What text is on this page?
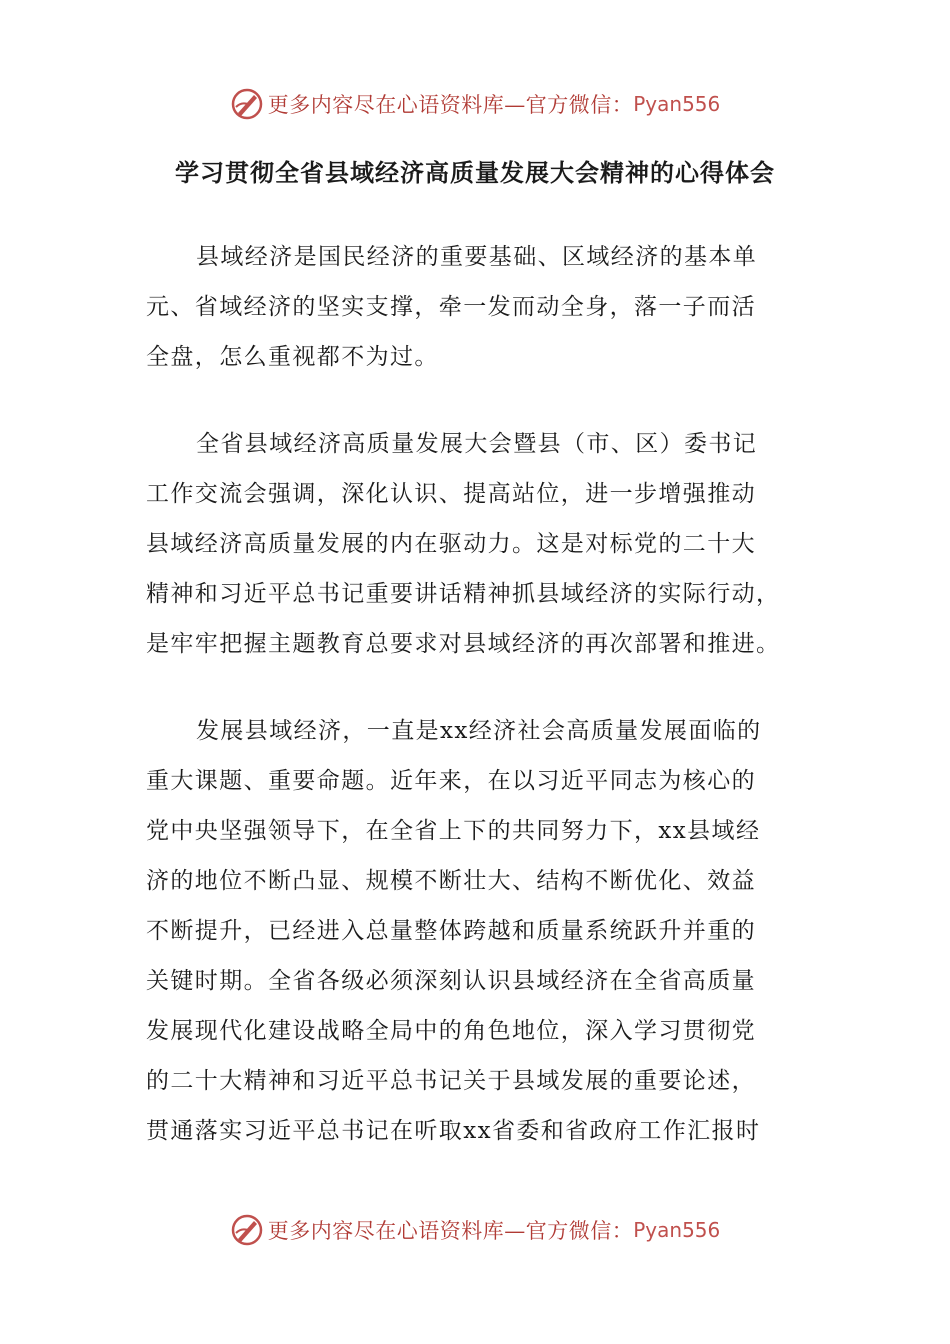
更多内容尽在心语资料库—官方微信： Pyan556
学习贯彻全省县域经济高质量发展大会精神的心得体会
县域经济是国民经济的重要基础、区域经济的基本单
元、省域经济的坚实支撑，牵一发而动全身，落一子而活
全盘，怎么重视都不为过。
全省县域经济高质量发展大会暨县（市、区）委书记
工作交流会强调，深化认识、提高站位，进一步增强推动
县域经济高质量发展的内在驱动力。这是对标党的二十大
精神和习近平总书记重要讲话精神抓县域经济的实际行动，
是牢牢把握主题教育总要求对县域经济的再次部署和推进。
发展县域经济，一直是xx经济社会高质量发展面临的
重大课题、重要命题。近年来，在以习近平同志为核心的
党中央坚强领导下，在全省上下的共同努力下，xx县域经
济的地位不断凸显、规模不断壮大、结构不断优化、效益
不断提升，已经进入总量整体跨越和质量系统跃升并重的
关键时期。全省各级必须深刻认识县域经济在全省高质量
发展现代化建设战略全局中的角色地位，深入学习贯彻党
的二十大精神和习近平总书记关于县域发展的重要论述，
贯通落实习近平总书记在听取xx省委和省政府工作汇报时
更多内容尽在心语资料库—官方微信： Pyan556
